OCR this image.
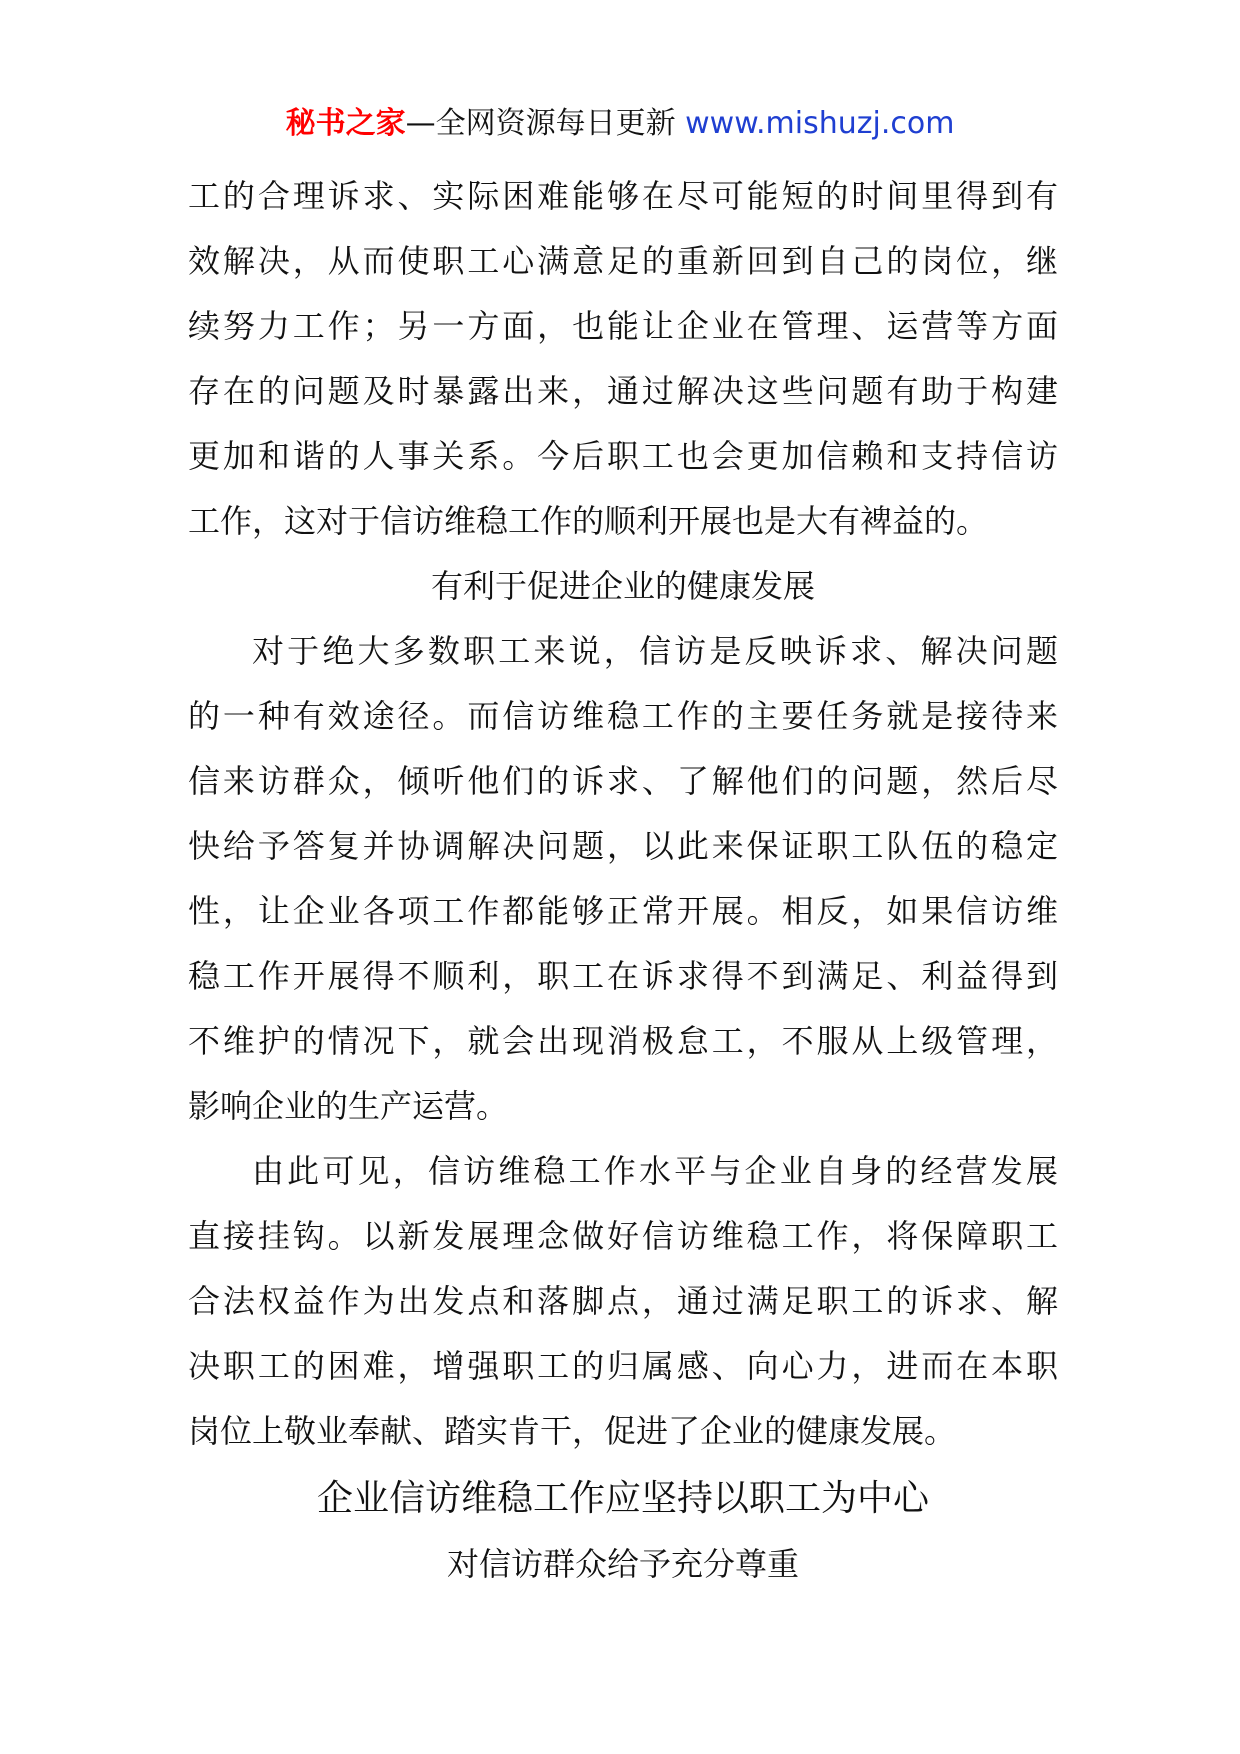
秘书之家—全网资源每日更新 www.mishuzj.com
工的合理诉求、实际困难能够在尽可能短的时间里得到有
效解决，从而使职工心满意足的重新回到自己的岗位，继
续努力工作；另一方面，也能让企业在管理、运营等方面
存在的问题及时暴露出来，通过解决这些问题有助于构建
更加和谐的人事关系。今后职工也会更加信赖和支持信访
工作，这对于信访维稳工作的顺利开展也是大有裨益的。
有利于促进企业的健康发展
对于绝大多数职工来说，信访是反映诉求、解决问题
的一种有效途径。而信访维稳工作的主要任务就是接待来
信来访群众，倾听他们的诉求、了解他们的问题，然后尽
快给予答复并协调解决问题，以此来保证职工队伍的稳定
性，让企业各项工作都能够正常开展。相反，如果信访维
稳工作开展得不顺利，职工在诉求得不到满足、利益得到
不维护的情况下，就会出现消极怠工，不服从上级管理，
影响企业的生产运营。
由此可见，信访维稳工作水平与企业自身的经营发展
直接挂钩。以新发展理念做好信访维稳工作，将保障职工
合法权益作为出发点和落脚点，通过满足职工的诉求、解
决职工的困难，增强职工的归属感、向心力，进而在本职
岗位上敬业奉献、踏实肯干，促进了企业的健康发展。
企业信访维稳工作应坚持以职工为中心
对信访群众给予充分尊重
